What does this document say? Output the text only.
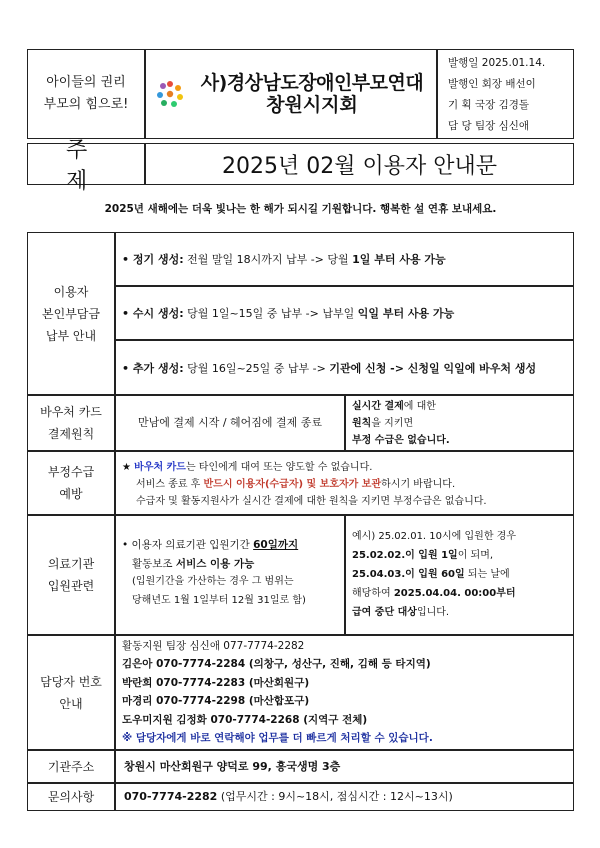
아이들의 권리
부모의 힘으로!
사)경상남도장애인부모연대
창원시지회
발행일 2025.01.14.
발행인 회장 배선이
기 획 국장 김경돌
담 당 팀장 심신애
주제
2025년 02월 이용자 안내문
2025년 새해에는 더욱 빛나는 한 해가 되시길 기원합니다. 행복한 설 연휴 보내세요.
이용자
본인부담금
납부 안내
• 정기 생성: 전월 말일 18시까지 납부 -> 당월 1일 부터 사용 가능
• 수시 생성: 당월 1일~15일 중 납부 -> 납부일 익일 부터 사용 가능
• 추가 생성: 당월 16일~25일 중 납부 -> 기관에 신청 -> 신청일 익일에 바우처 생성
바우처 카드
결제원칙
만남에 결제 시작 / 헤어짐에 결제 종료
실시간 결제에 대한
원칙을 지키면
부정 수급은 없습니다.
부정수급
예방
★ 바우처 카드는 타인에게 대여 또는 양도할 수 없습니다.
서비스 종료 후 반드시 이용자(수급자) 및 보호자가 보관하시기 바랍니다.
수급자 및 활동지원사가 실시간 결제에 대한 원칙을 지키면 부정수급은 없습니다.
의료기관
입원관련
• 이용자 의료기관 입원기간 60일까지
활동보조 서비스 이용 가능
(입원기간을 가산하는 경우 그 범위는
당해년도 1월 1일부터 12월 31일로 함)
예시) 25.02.01. 10시에 입원한 경우
25.02.02.이 입원 1일이 되며,
25.04.03.이 입원 60일 되는 날에
해당하여 2025.04.04. 00:00부터
급여 중단 대상입니다.
담당자 번호
안내
활동지원 팀장 심신애 077-7774-2282
김은아 070-7774-2284 (의창구, 성산구, 진해, 김해 등 타지역)
박란희 070-7774-2283 (마산회원구)
마경리 070-7774-2298 (마산합포구)
도우미지원 김정화 070-7774-2268 (지역구 전체)
※ 담당자에게 바로 연락해야 업무를 더 빠르게 처리할 수 있습니다.
기관주소	창원시 마산회원구 양덕로 99, 흥국생명 3층
문의사항	070-7774-2282 (업무시간 : 9시~18시, 점심시간 : 12시~13시)
